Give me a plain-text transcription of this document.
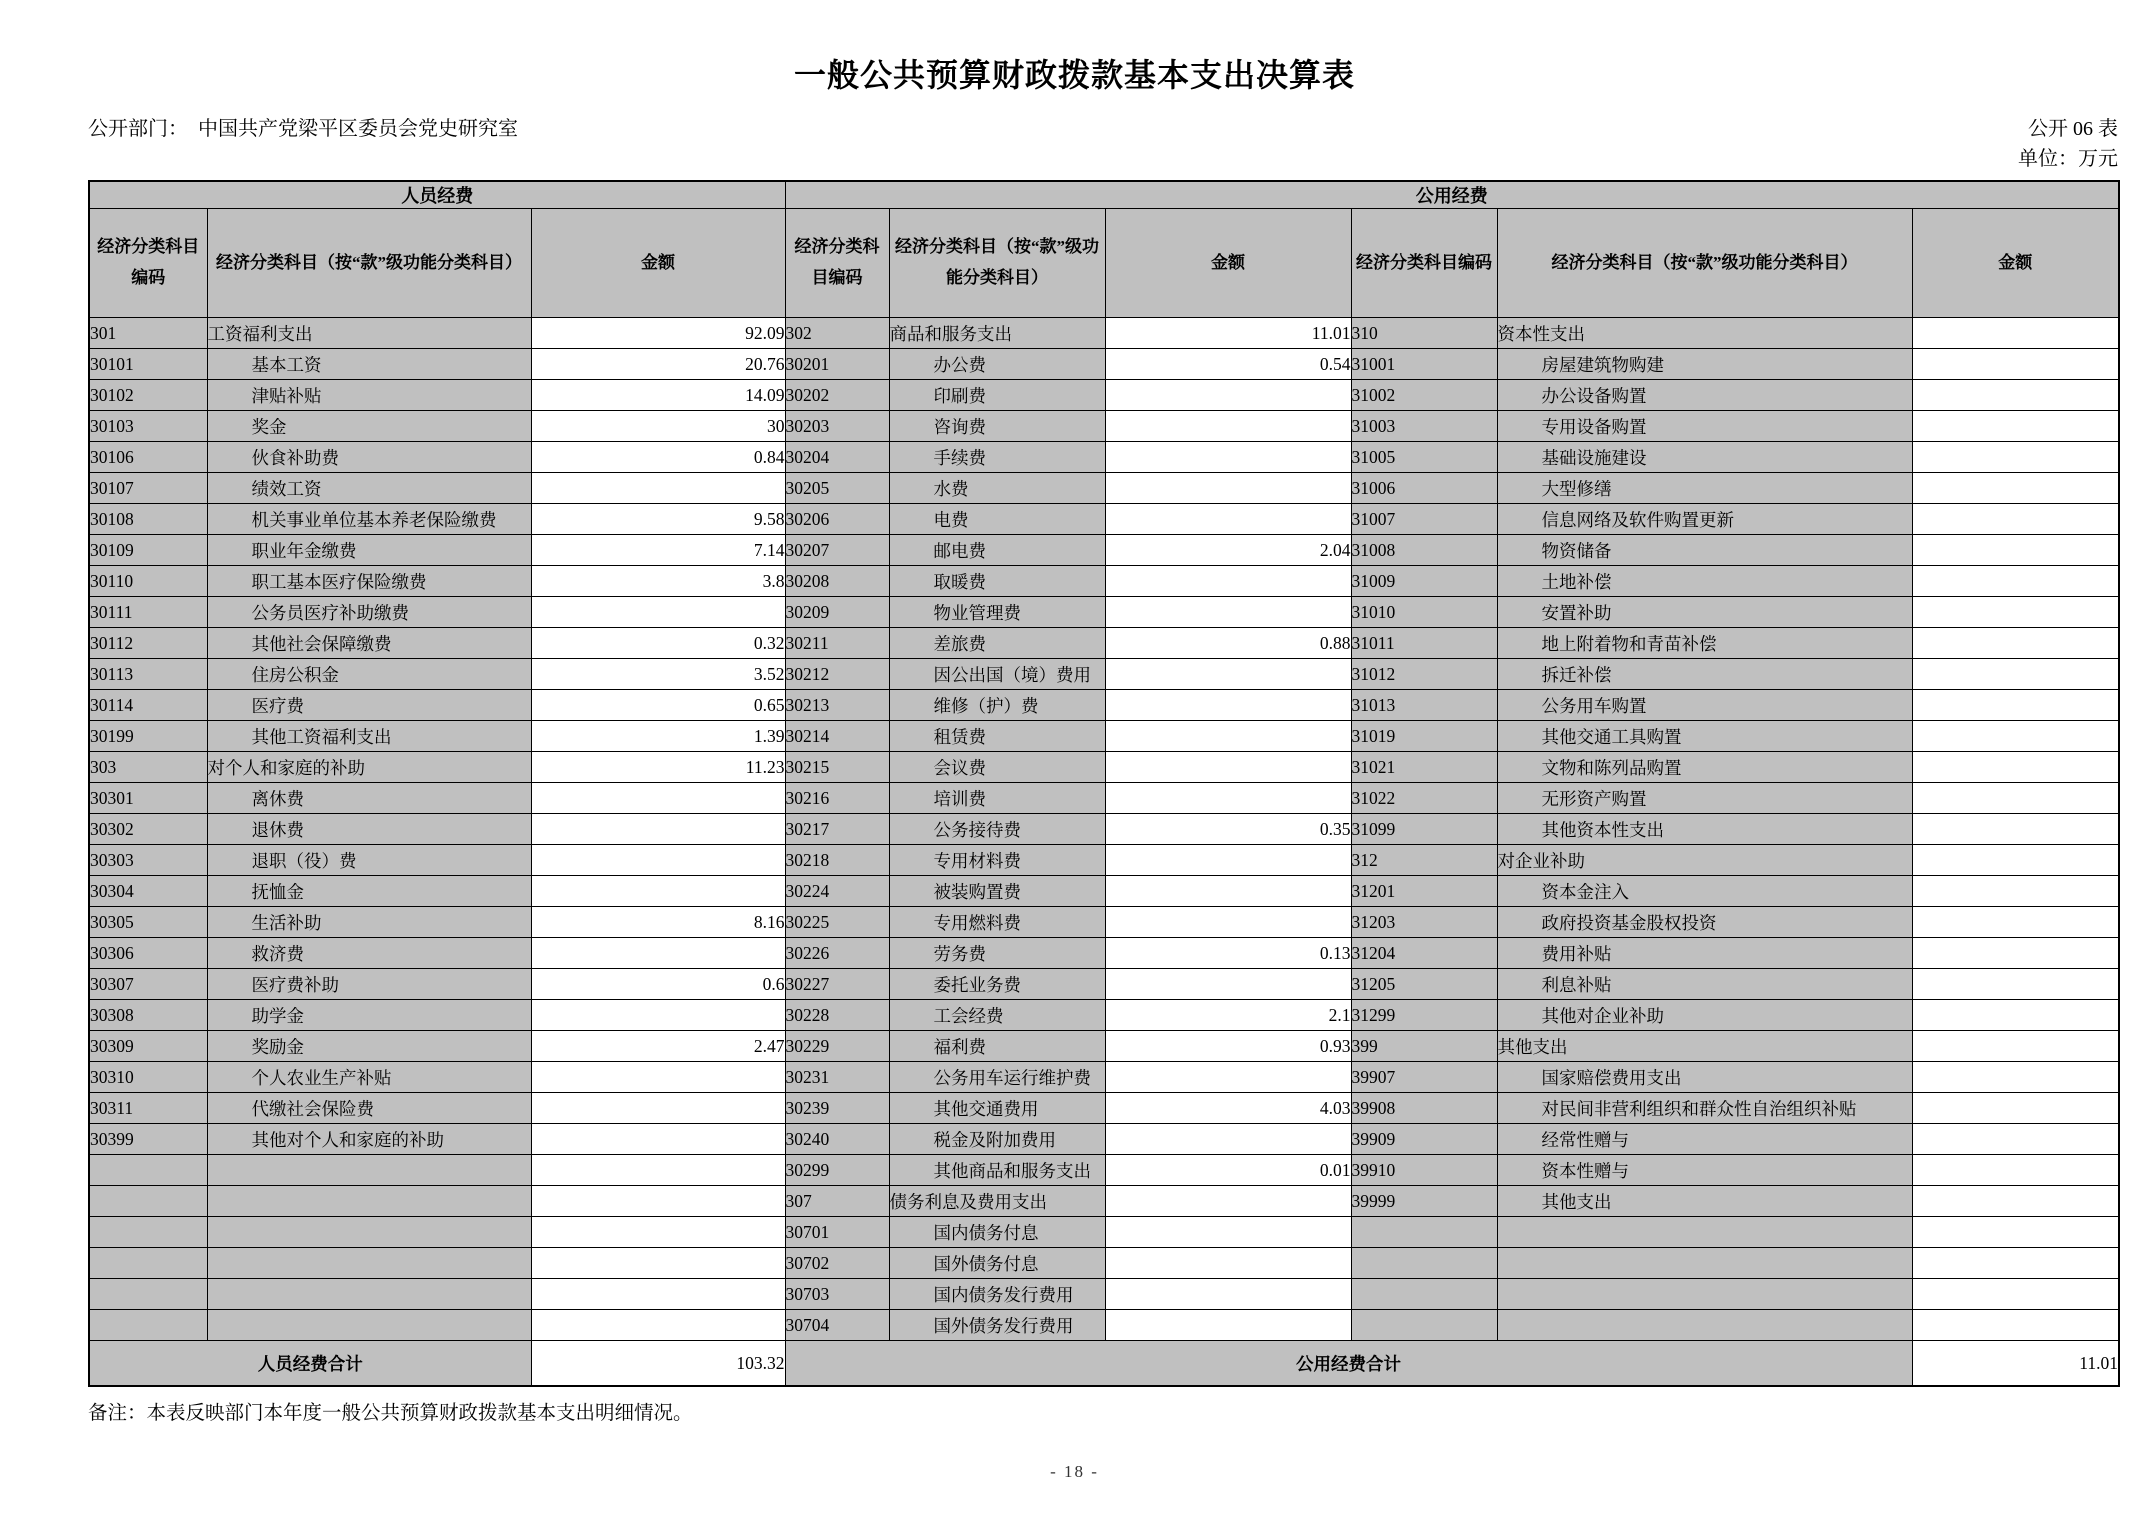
一般公共预算财政拨款基本支出决算表
公开部门： 中国共产党梁平区委员会党史研究室	公开 06 表
单位：万元
人员经费			公用经费					
经济分类科目编码	经济分类科目（按“款”级功能分类科目）	金额	经济分类科目编码	经济分类科目（按“款”级功能分类科目）	金额	经济分类科目编码	经济分类科目（按“款”级功能分类科目）	金额
301	工资福利支出	92.09	302	商品和服务支出	11.01	310	资本性支出	
30101	基本工资	20.76	30201	办公费	0.54	31001	房屋建筑物购建	
30102	津贴补贴	14.09	30202	印刷费		31002	办公设备购置	
30103	奖金	30	30203	咨询费		31003	专用设备购置	
30106	伙食补助费	0.84	30204	手续费		31005	基础设施建设	
30107	绩效工资		30205	水费		31006	大型修缮	
30108	机关事业单位基本养老保险缴费	9.58	30206	电费		31007	信息网络及软件购置更新	
30109	职业年金缴费	7.14	30207	邮电费	2.04	31008	物资储备	
30110	职工基本医疗保险缴费	3.8	30208	取暖费		31009	土地补偿	
30111	公务员医疗补助缴费		30209	物业管理费		31010	安置补助	
30112	其他社会保障缴费	0.32	30211	差旅费	0.88	31011	地上附着物和青苗补偿	
30113	住房公积金	3.52	30212	因公出国（境）费用		31012	拆迁补偿	
30114	医疗费	0.65	30213	维修（护）费		31013	公务用车购置	
30199	其他工资福利支出	1.39	30214	租赁费		31019	其他交通工具购置	
303	对个人和家庭的补助	11.23	30215	会议费		31021	文物和陈列品购置	
30301	离休费		30216	培训费		31022	无形资产购置	
30302	退休费		30217	公务接待费	0.35	31099	其他资本性支出	
30303	退职（役）费		30218	专用材料费		312	对企业补助	
30304	抚恤金		30224	被装购置费		31201	资本金注入	
30305	生活补助	8.16	30225	专用燃料费		31203	政府投资基金股权投资	
30306	救济费		30226	劳务费	0.13	31204	费用补贴	
30307	医疗费补助	0.6	30227	委托业务费		31205	利息补贴	
30308	助学金		30228	工会经费	2.1	31299	其他对企业补助	
30309	奖励金	2.47	30229	福利费	0.93	399	其他支出	
30310	个人农业生产补贴		30231	公务用车运行维护费		39907	国家赔偿费用支出	
30311	代缴社会保险费		30239	其他交通费用	4.03	39908	对民间非营利组织和群众性自治组织补贴	
30399	其他对个人和家庭的补助		30240	税金及附加费用		39909	经常性赠与	
			30299	其他商品和服务支出	0.01	39910	资本性赠与	
			307	债务利息及费用支出		39999	其他支出	
			30701	国内债务付息				
			30702	国外债务付息				
			30703	国内债务发行费用				
			30704	国外债务发行费用				
人员经费合计		103.32	公用经费合计					11.01
备注：本表反映部门本年度一般公共预算财政拨款基本支出明细情况。
- 18 -
